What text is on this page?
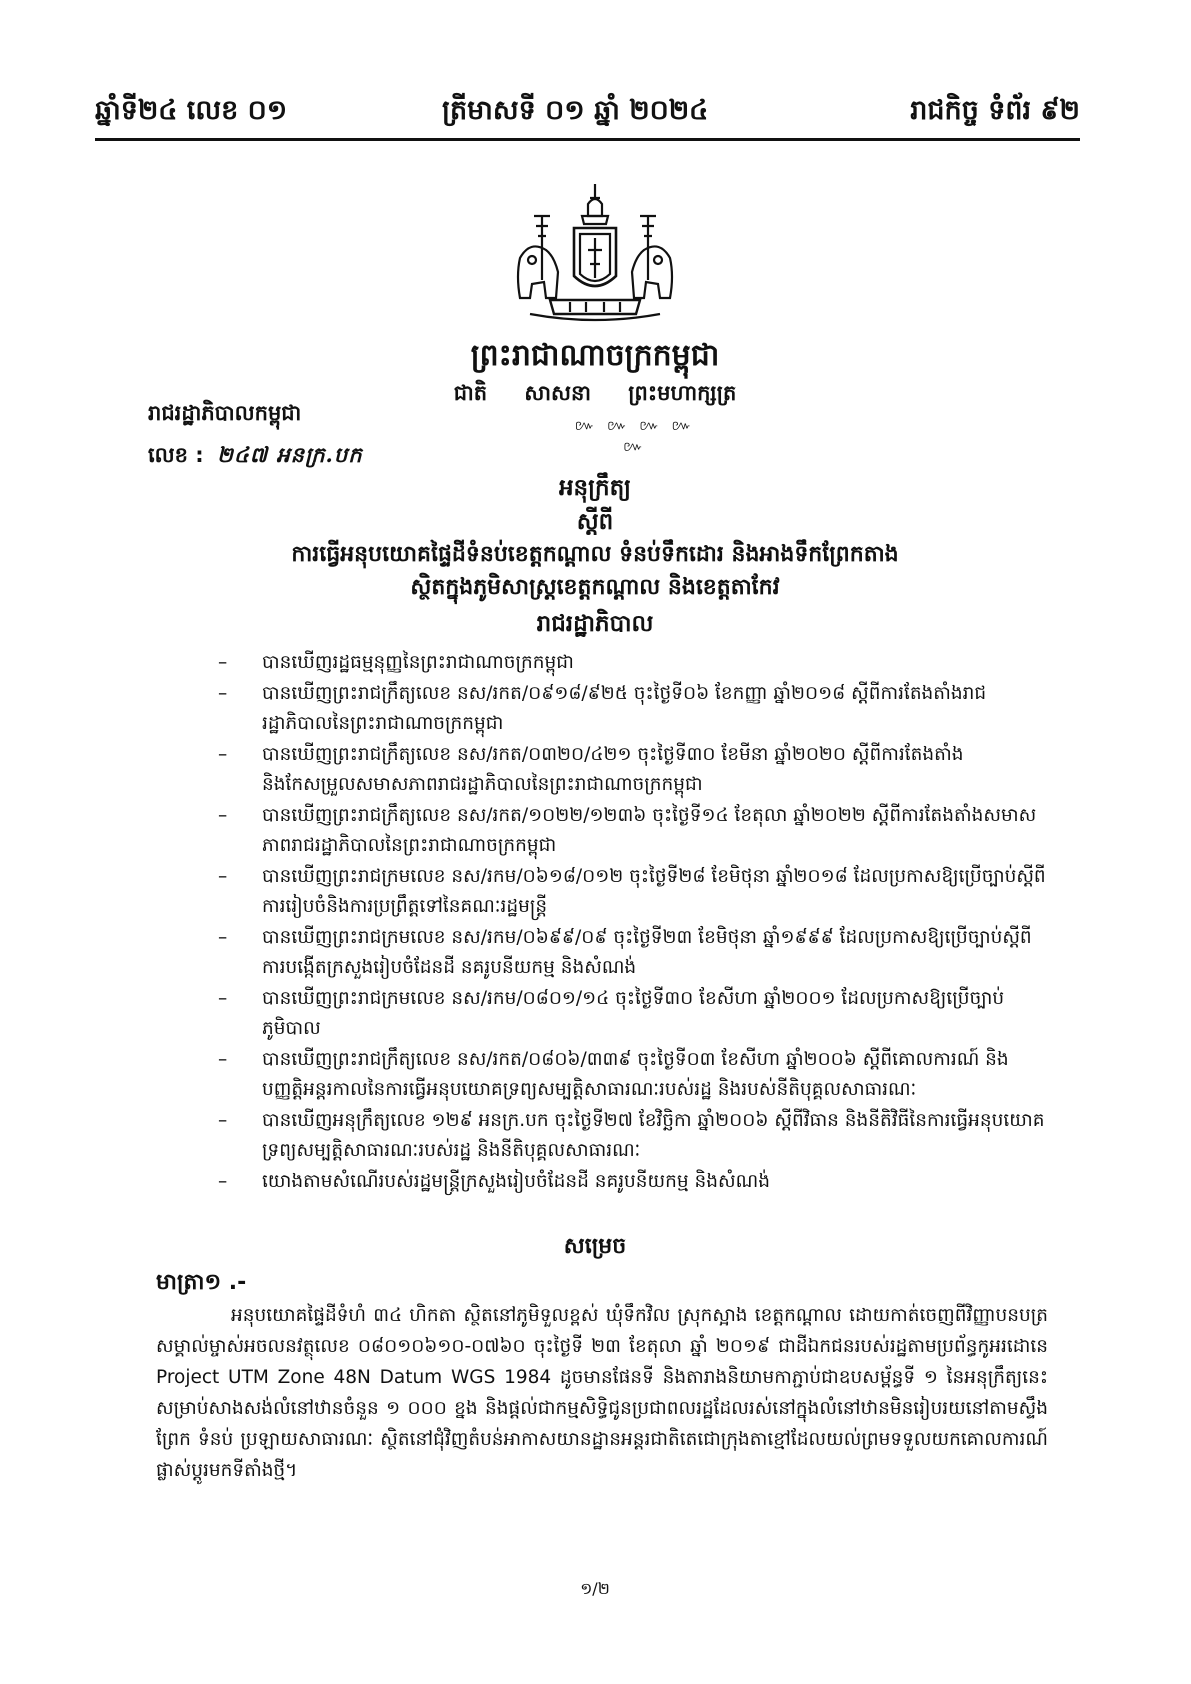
ឆ្នាំទី២៤ លេខ ០១	ត្រីមាសទី ០១ ឆ្នាំ ២០២៤	រាជកិច្ច ទំព័រ ៩២
ព្រះរាជាណាចក្រកម្ពុជា
ជាតិ សាសនា ព្រះមហាក្សត្រ
៚ ៚ ៚ ៚ ៚
រាជរដ្ឋាភិបាលកម្ពុជា
លេខ : ២៤៧ អនក្រ.បក
អនុក្រឹត្យ
ស្តីពី
ការធ្វើអនុបយោគផ្ទៃដីទំនប់ខេត្តកណ្តាល ទំនប់ទឹកដោរ និងអាងទឹកព្រែកតាង
ស្ថិតក្នុងភូមិសាស្ត្រខេត្តកណ្តាល និងខេត្តតាកែវ
រាជរដ្ឋាភិបាល
– បានឃើញរដ្ឋធម្មនុញ្ញនៃព្រះរាជាណាចក្រកម្ពុជា
– បានឃើញព្រះរាជក្រឹត្យលេខ នស/រកត/០៩១៨/៩២៥ ចុះថ្ងៃទី០៦ ខែកញ្ញា ឆ្នាំ២០១៨ ស្តីពីការតែងតាំងរាជរដ្ឋាភិបាលនៃព្រះរាជាណាចក្រកម្ពុជា
– បានឃើញព្រះរាជក្រឹត្យលេខ នស/រកត/០៣២០/៤២១ ចុះថ្ងៃទី៣០ ខែមីនា ឆ្នាំ២០២០ ស្តីពីការតែងតាំង និងកែសម្រួលសមាសភាពរាជរដ្ឋាភិបាលនៃព្រះរាជាណាចក្រកម្ពុជា
– បានឃើញព្រះរាជក្រឹត្យលេខ នស/រកត/១០២២/១២៣៦ ចុះថ្ងៃទី១៤ ខែតុលា ឆ្នាំ២០២២ ស្តីពីការតែងតាំងសមាសភាពរាជរដ្ឋាភិបាលនៃព្រះរាជាណាចក្រកម្ពុជា
– បានឃើញព្រះរាជក្រមលេខ នស/រកម/០៦១៨/០១២ ចុះថ្ងៃទី២៨ ខែមិថុនា ឆ្នាំ២០១៨ ដែលប្រកាសឱ្យប្រើច្បាប់ស្តីពីការរៀបចំនិងការប្រព្រឹត្តទៅនៃគណៈរដ្ឋមន្ត្រី
– បានឃើញព្រះរាជក្រមលេខ នស/រកម/០៦៩៩/០៩ ចុះថ្ងៃទី២៣ ខែមិថុនា ឆ្នាំ១៩៩៩ ដែលប្រកាសឱ្យប្រើច្បាប់ស្តីពីការបង្កើតក្រសួងរៀបចំដែនដី នគរូបនីយកម្ម និងសំណង់
– បានឃើញព្រះរាជក្រមលេខ នស/រកម/០៨០១/១៤ ចុះថ្ងៃទី៣០ ខែសីហា ឆ្នាំ២០០១ ដែលប្រកាសឱ្យប្រើច្បាប់ភូមិបាល
– បានឃើញព្រះរាជក្រឹត្យលេខ នស/រកត/០៨០៦/៣៣៩ ចុះថ្ងៃទី០៣ ខែសីហា ឆ្នាំ២០០៦ ស្តីពីគោលការណ៍ និងបញ្ញត្តិអន្តរកាលនៃការធ្វើអនុបយោគទ្រព្យសម្បត្តិសាធារណៈរបស់រដ្ឋ និងរបស់នីតិបុគ្គលសាធារណៈ
– បានឃើញអនុក្រឹត្យលេខ ១២៩ អនក្រ.បក ចុះថ្ងៃទី២៧ ខែវិច្ឆិកា ឆ្នាំ២០០៦ ស្តីពីវិធាន និងនីតិវិធីនៃការធ្វើអនុបយោគទ្រព្យសម្បត្តិសាធារណៈរបស់រដ្ឋ និងនីតិបុគ្គលសាធារណៈ
– យោងតាមសំណើរបស់រដ្ឋមន្ត្រីក្រសួងរៀបចំដែនដី នគរូបនីយកម្ម និងសំណង់
សម្រេច
មាត្រា១ .-

អនុបយោគផ្ទៃដីទំហំ ៣៤ ហិកតា ស្ថិតនៅភូមិទួលខ្ពស់ ឃុំទឹកវិល ស្រុកស្អាង ខេត្តកណ្តាល ដោយកាត់ចេញពីវិញ្ញាបនបត្រសម្គាល់ម្ចាស់អចលនវត្ថុលេខ ០៨០១០៦១០-០៧៦០ ចុះថ្ងៃទី ២៣ ខែតុលា ឆ្នាំ ២០១៩ ជាដីឯកជនរបស់រដ្ឋតាមប្រព័ន្ធកូអរដោនេ Project UTM Zone 48N Datum WGS 1984 ដូចមានផែនទី និងតារាងនិយាមកាភ្ជាប់ជាឧបសម្ព័ន្ធទី ១ នៃអនុក្រឹត្យនេះ សម្រាប់សាងសង់លំនៅឋានចំនួន ១ ០០០ ខ្នង និងផ្តល់ជាកម្មសិទ្ធិជូនប្រជាពលរដ្ឋដែលរស់នៅក្នុងលំនៅឋានមិនរៀបរយនៅតាមស្ទឹង ព្រែក ទំនប់ ប្រឡាយសាធារណៈ ស្ថិតនៅជុំវិញតំបន់អាកាសយានដ្ឋានអន្តរជាតិតេជោក្រុងតាខ្មៅដែលយល់ព្រមទទួលយកគោលការណ៍ផ្លាស់ប្តូរមកទីតាំងថ្មី។

១/២
